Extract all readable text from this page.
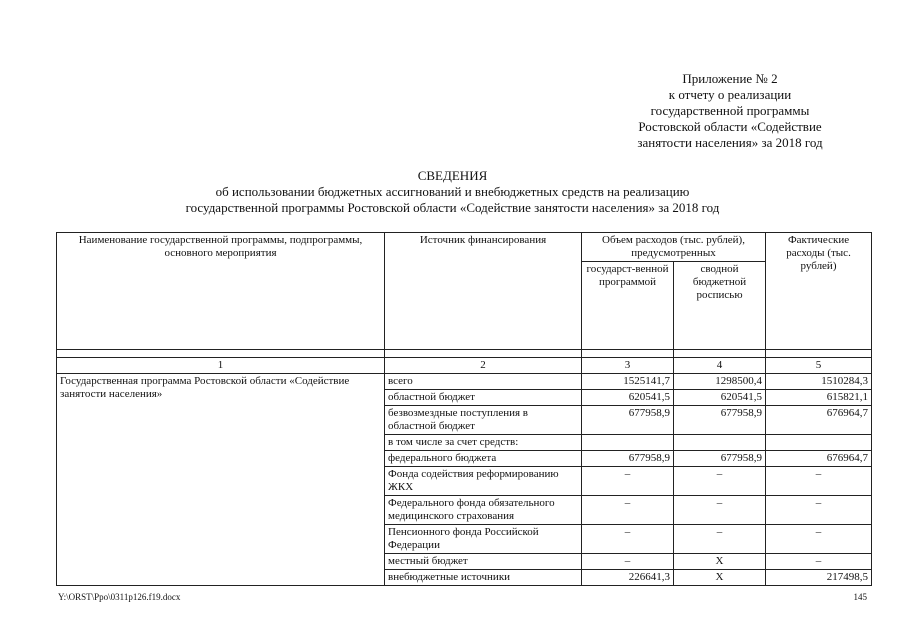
Приложение № 2
к отчету о реализации
государственной программы
Ростовской области «Содействие
занятости населения» за 2018 год
СВЕДЕНИЯ
об использовании бюджетных ассигнований и внебюджетных средств на реализацию
государственной программы Ростовской области «Содействие занятости населения» за 2018 год
Наименование государственной программы, подпрограммы, основного мероприятия	Источник финансирования	Объем расходов (тыс. рублей), предусмотренных		Фактические расходы (тыс. рублей)
		государст-венной программой	сводной бюджетной росписью	

1	2	3	4	5
Государственная программа Ростовской области «Содействие занятости населения»	всего	1525141,7	1298500,4	1510284,3
	областной бюджет	620541,5	620541,5	615821,1
	безвозмездные поступления в областной бюджет	677958,9	677958,9	676964,7
	в том числе за счет средств:			
	федерального бюджета	677958,9	677958,9	676964,7
	Фонда содействия реформированию ЖКХ	–	–	–
	Федерального фонда обязательного медицинского страхования	–	–	–
	Пенсионного фонда Российской Федерации	–	–	–
	местный бюджет	–	Х	–
	внебюджетные источники	226641,3	Х	217498,5
Y:\ORST\Ppo\0311p126.f19.docx	145
